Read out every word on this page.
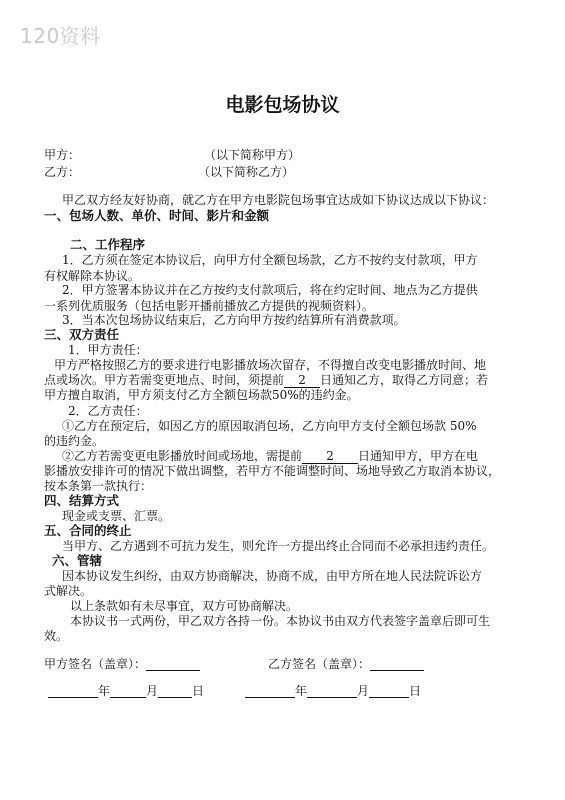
120资料
电影包场协议
甲方：	（以下简称甲方）
乙方：	（以下简称乙方）
甲乙双方经友好协商，就乙方在甲方电影院包场事宜达成如下协议达成以下协议：
一、包场人数、单价、时间、影片和金额
二、工作程序
1．乙方须在签定本协议后，向甲方付全额包场款，乙方不按约支付款项，甲方
有权解除本协议。
2．甲方签署本协议并在乙方按约支付款项后，将在约定时间、地点为乙方提供
一系列优质服务（包括电影开播前播放乙方提供的视频资料）。
3．当本次包场协议结束后，乙方向甲方按约结算所有消费款项。
三、双方责任
1．甲方责任：
甲方严格按照乙方的要求进行电影播放场次留存，不得擅自改变电影播放时间、地
点或场次。甲方若需变更地点、时间，须提前 2 日通知乙方，取得乙方同意；若
甲方擅自取消，甲方须支付乙方全额包场款50%的违约金。
2．乙方责任：
①乙方在预定后，如因乙方的原因取消包场，乙方向甲方支付全额包场款 50%
的违约金。
②乙方若需变更电影播放时间或场地，需提前 2 日通知甲方，甲方在电
影播放安排许可的情况下做出调整，若甲方不能调整时间、场地导致乙方取消本协议，
按本条第一款执行：
四、结算方式
现金或支票、汇票。
五、合同的终止
当甲方、乙方遇到不可抗力发生，则允许一方提出终止合同而不必承担违约责任。
六、管辖
因本协议发生纠纷，由双方协商解决，协商不成，由甲方所在地人民法院诉讼方
式解决。
以上条款如有未尽事宜，双方可协商解决。
本协议书一式两份，甲乙双方各持一份。本协议书由双方代表签字盖章后即可生
效。
甲方签名（盖章）：	乙方签名（盖章）：
年	月	日	年	月	日
